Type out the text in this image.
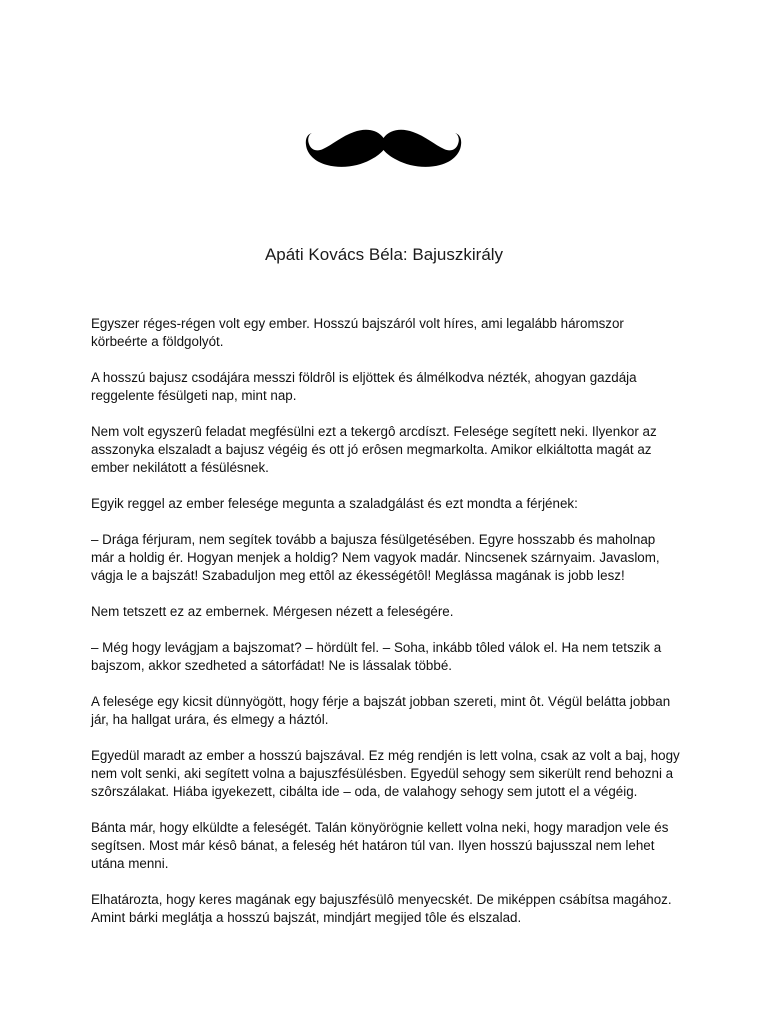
Apáti Kovács Béla: Bajuszkirály

Egyszer réges-régen volt egy ember. Hosszú bajszáról volt híres, ami legalább háromszor körbeérte a földgolyót.

A hosszú bajusz csodájára messzi földrôl is eljöttek és álmélkodva nézték, ahogyan gazdája reggelente fésülgeti nap, mint nap.

Nem volt egyszerû feladat megfésülni ezt a tekergô arcdíszt. Felesége segített neki. Ilyenkor az asszonyka elszaladt a bajusz végéig és ott jó erôsen megmarkolta. Amikor elkiáltotta magát az ember nekilátott a fésülésnek.

Egyik reggel az ember felesége megunta a szaladgálást és ezt mondta a férjének:

– Drága férjuram, nem segítek tovább a bajusza fésülgetésében. Egyre hosszabb és maholnap már a holdig ér. Hogyan menjek a holdig? Nem vagyok madár. Nincsenek szárnyaim. Javaslom, vágja le a bajszát! Szabaduljon meg ettôl az ékességétôl! Meglássa magának is jobb lesz!

Nem tetszett ez az embernek. Mérgesen nézett a feleségére.

– Még hogy levágjam a bajszomat? – hördült fel. – Soha, inkább tôled válok el. Ha nem tetszik a bajszom, akkor szedheted a sátorfádat! Ne is lássalak többé.

A felesége egy kicsit dünnyögött, hogy férje a bajszát jobban szereti, mint ôt. Végül belátta jobban jár, ha hallgat urára, és elmegy a háztól.

Egyedül maradt az ember a hosszú bajszával. Ez még rendjén is lett volna, csak az volt a baj, hogy nem volt senki, aki segített volna a bajuszfésülésben. Egyedül sehogy sem sikerült rend behozni a szôrszálakat. Hiába igyekezett, cibálta ide – oda, de valahogy sehogy sem jutott el a végéig.

Bánta már, hogy elküldte a feleségét. Talán könyörögnie kellett volna neki, hogy maradjon vele és segítsen. Most már késô bánat, a feleség hét határon túl van. Ilyen hosszú bajusszal nem lehet utána menni.

Elhatározta, hogy keres magának egy bajuszfésülô menyecskét. De miképpen csábítsa magához. Amint bárki meglátja a hosszú bajszát, mindjárt megijed tôle és elszalad.
